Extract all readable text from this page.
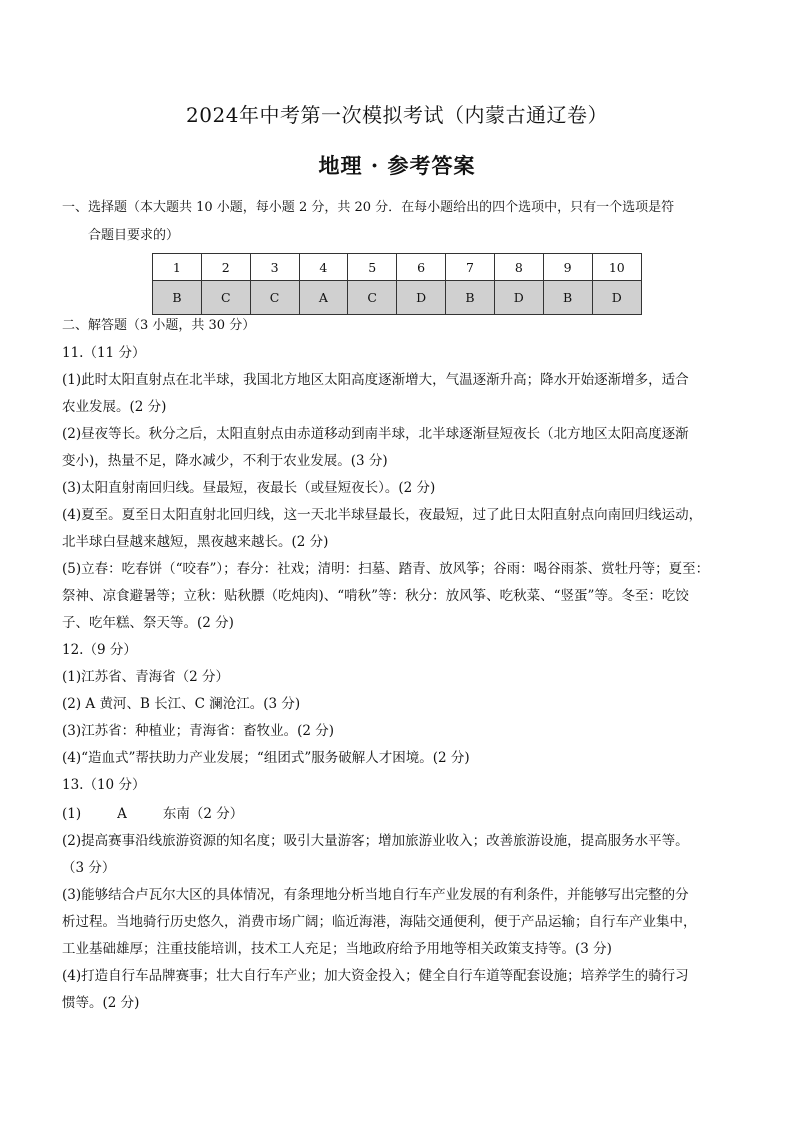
2024年中考第一次模拟考试（内蒙古通辽卷）
地理 · 参考答案
一、选择题（本大题共 10 小题，每小题 2 分，共 20 分．在每小题给出的四个选项中，只有一个选项是符
合题目要求的）
1	2	3	4	5	6	7	8	9	10
B	C	C	A	C	D	B	D	B	D
二、解答题（3 小题，共 30 分）
11.（11 分）
(1)此时太阳直射点在北半球，我国北方地区太阳高度逐渐增大，气温逐渐升高；降水开始逐渐增多，适合
农业发展。(2 分)
(2)昼夜等长。秋分之后，太阳直射点由赤道移动到南半球，北半球逐渐昼短夜长（北方地区太阳高度逐渐
变小)，热量不足，降水减少，不利于农业发展。(3 分)
(3)太阳直射南回归线。昼最短，夜最长（或昼短夜长）。(2 分)
(4)夏至。夏至日太阳直射北回归线，这一天北半球昼最长，夜最短，过了此日太阳直射点向南回归线运动，
北半球白昼越来越短，黑夜越来越长。(2 分)
(5)立春：吃春饼（“咬春”）；春分：社戏；清明：扫墓、踏青、放风筝；谷雨：喝谷雨茶、赏牡丹等；夏至：
祭神、凉食避暑等；立秋：贴秋膘（吃炖肉)、“啃秋”等：秋分：放风筝、吃秋菜、“竖蛋”等。冬至：吃饺
子、吃年糕、祭天等。(2 分)
12.（9 分）
(1)江苏省、青海省（2 分）
(2) A 黄河、B 长江、C 澜沧江。(3 分)
(3)江苏省：种植业；青海省：畜牧业。(2 分)
(4)“造血式”帮扶助力产业发展；“组团式”服务破解人才困境。(2 分)
13.（10 分）
(1)	A	东南（2 分）
(2)提高赛事沿线旅游资源的知名度；吸引大量游客；增加旅游业收入；改善旅游设施，提高服务水平等。
（3 分）
(3)能够结合卢瓦尔大区的具体情况，有条理地分析当地自行车产业发展的有利条件，并能够写出完整的分
析过程。当地骑行历史悠久，消费市场广阔；临近海港，海陆交通便利，便于产品运输；自行车产业集中，
工业基础雄厚；注重技能培训，技术工人充足；当地政府给予用地等相关政策支持等。(3 分)
(4)打造自行车品牌赛事；壮大自行车产业；加大资金投入；健全自行车道等配套设施；培养学生的骑行习
惯等。(2 分)
